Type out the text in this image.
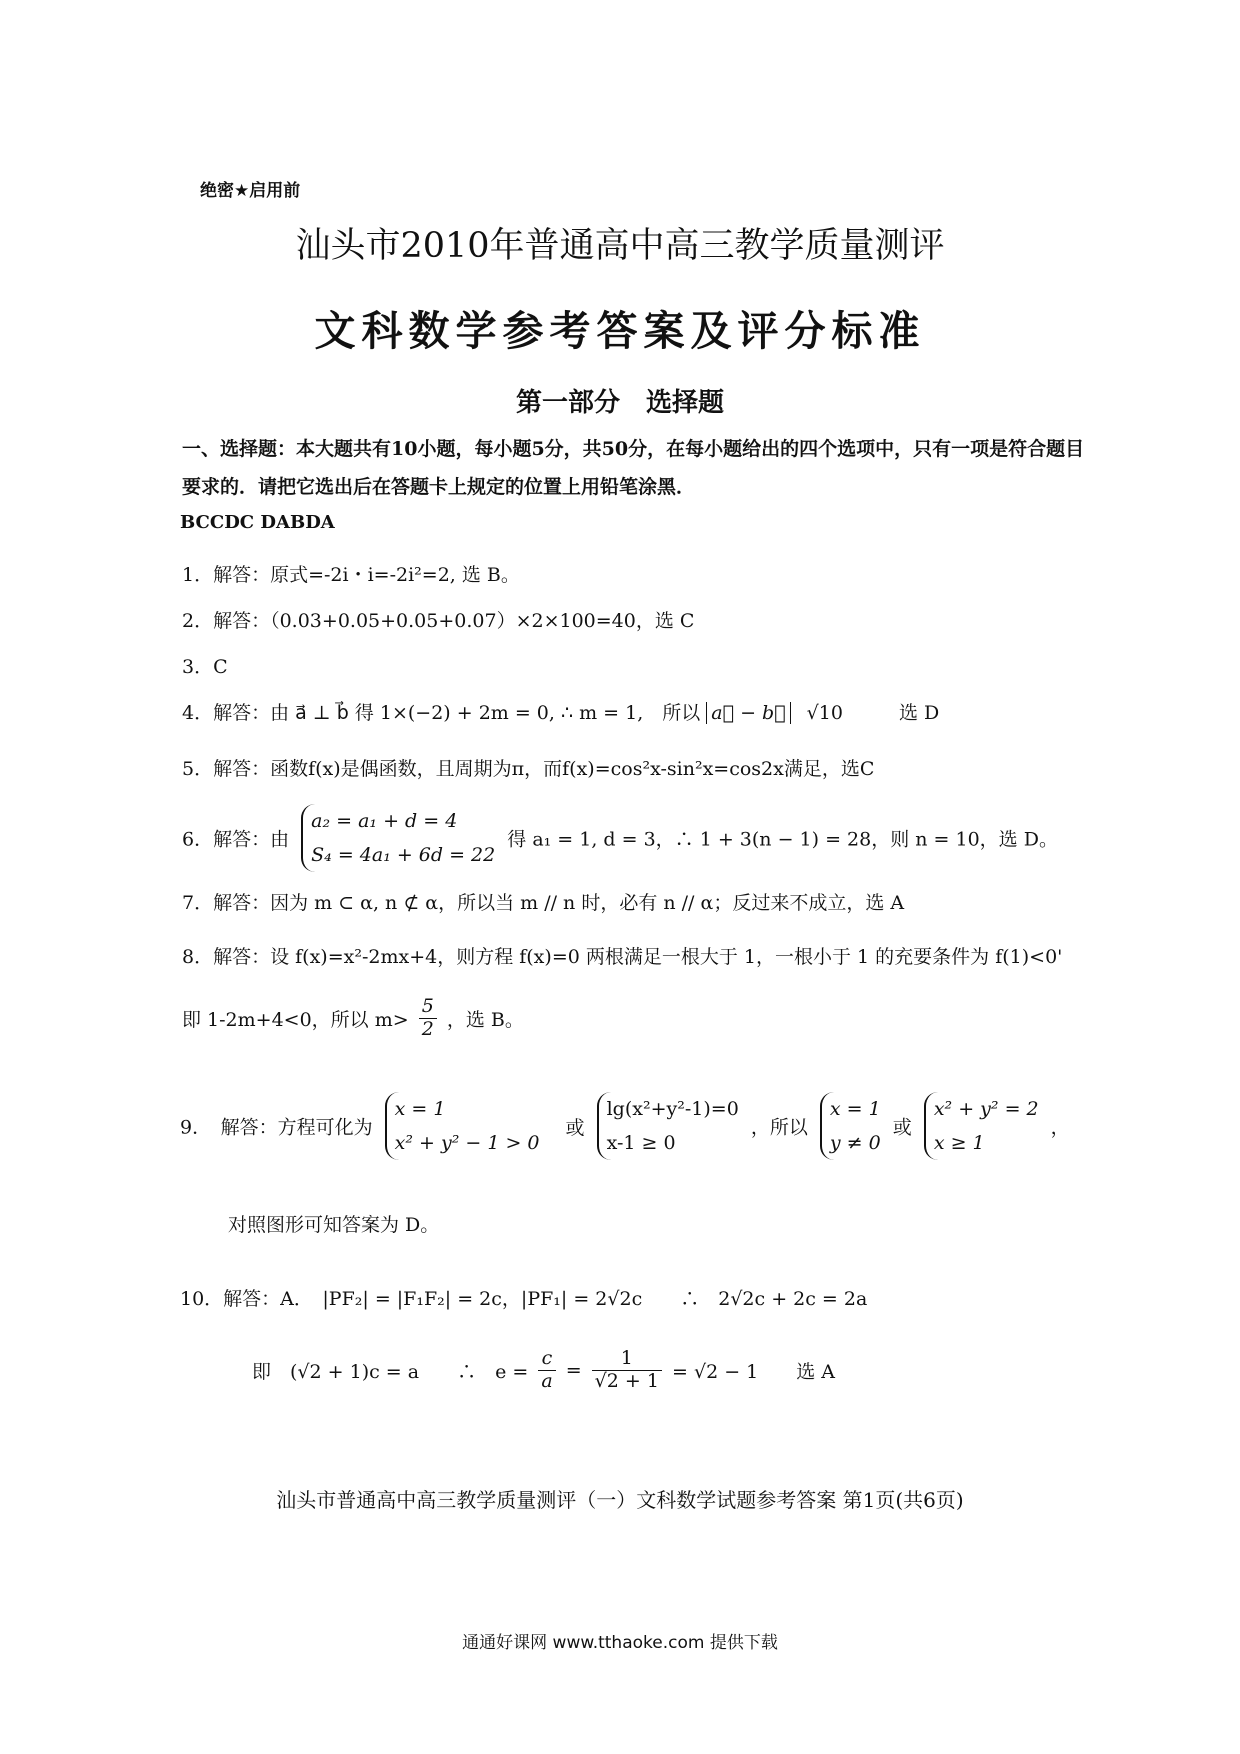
绝密★启用前
汕头市2010年普通高中高三教学质量测评
文科数学参考答案及评分标准
第一部分　选择题
一、选择题：本大题共有10小题，每小题5分，共50分，在每小题给出的四个选项中，只有一项是符合题目要求的．请把它选出后在答题卡上规定的位置上用铅笔涂黑．
BCCDC DABDA
1．解答：原式=-2i・i=-2i²=2, 选 B。
2．解答：（0.03+0.05+0.05+0.07）×2×100=40，选 C
3．C
4．解答：由 a⃗ ⊥ b⃗ 得 1×(−2) + 2m = 0, ∴ m = 1,　所以 a⃗ − b⃗ √10	选 D
5．解答：函数f(x)是偶函数，且周期为π，而f(x)=cos²x-sin²x=cos2x满足，选C
6．解答：由
a₂ = a₁ + d = 4
S₄ = 4a₁ + 6d = 22
得 a₁ = 1, d = 3，∴ 1 + 3(n − 1) = 28，则 n = 10，选 D。
7．解答：因为 m ⊂ α, n ⊄ α，所以当 m // n 时，必有 n // α；反过来不成立，选 A
8．解答：设 f(x)=x²-2mx+4，则方程 f(x)=0 两根满足一根大于 1，一根小于 1 的充要条件为 f(1)<0'
即 1-2m+4<0，所以 $m> \frac{5}{2}$ ，选 B。
9．　解答：方程可化为
x = 1
x² + y² − 1 > 0
或
lg(x²+y²-1)=0
x-1 ≥ 0
，所以
x = 1
y ≠ 0
或
x² + y² = 2
x ≥ 1
，
对照图形可知答案为 D。
10．解答：A．　|PF₂| = |F₁F₂| = 2c，|PF₁| = 2√2c　　∴　2√2c + 2c = 2a
即　(√2 + 1)c = a　　∴　$e = \frac{c}{a} = \frac{1}{√2 + 1} = √2 - 1$　　选 A
汕头市普通高中高三教学质量测评（一）文科数学试题参考答案 第1页(共6页)
通通好课网 www.tthaoke.com 提供下载
